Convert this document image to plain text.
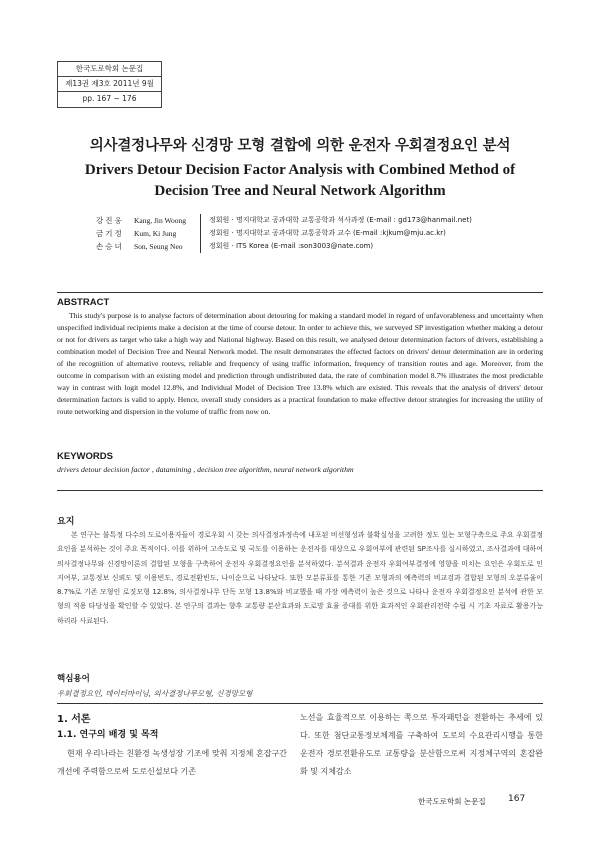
한국도로학회 논문집
제13권 제3호 2011년 9월
pp. 167 ~ 176
의사결정나무와 신경망 모형 결합에 의한 운전자 우회결정요인 분석
Drivers Detour Decision Factor Analysis with Combined Method of
Decision Tree and Neural Network Algorithm
강진웅	Kang, Jin Woong	정회원 · 명지대학교 공과대학 교통공학과 석사과정 (E-mail : gd173@hanmail.net)
금기정	Kum, Ki Jung	정회원 · 명지대학교 공과대학 교통공학과 교수 (E-mail :kjkum@mju.ac.kr)
손승녀	Son, Seung Neo	정회원 · ITS Korea (E-mail :son3003@nate.com)
ABSTRACT
This study's purpose is to analyse factors of determination about detouring for making a standard model in regard of unfavorableness and uncertainty when unspecified individual recipients make a decision at the time of course detour. In order to achieve this, we surveyed SP investigation whether making a detour or not for drivers as target who take a high way and National highway. Based on this result, we analysed detour determination factors of drivers, establishing a combination model of Decision Tree and Neural Network model. The result demonstrates the effected factors on drivers' detour determination are in ordering of the recognition of alternative routevs, reliable and frequency of using traffic information, frequency of transition routes and age. Moreover, from the outcome in comparison with an existing model and prediction through undistributed data, the rate of combination model 8.7% illustrates the most predictable way in contrast with logit model 12.8%, and Individual Model of Decision Tree 13.8% which are existed. This reveals that the analysis of drivers' detour determination factors is valid to apply. Hence, overall study considers as a practical foundation to make effective detour strategies for increasing the utility of route networking and dispersion in the volume of traffic from now on.
KEYWORDS
drivers detour decision factor , datamining , decision tree algorithm, neural network algorithm
요지
본 연구는 불특정 다수의 도로이용자들이 경로우회 시 갖는 의사결정과정속에 내포된 비선형성과 불확실성을 고려한 정도 있는 모형구축으로 주요 우회결정요인을 분석하는 것이 주요 목적이다. 이를 위하여 고속도로 및 국도를 이용하는 운전자를 대상으로 우회여부에 관련된 SP조사를 실시하였고, 조사결과에 대하여 의사결정나무와 신경망이론의 결합된 모형을 구축하여 운전자 우회결정요인을 분석하였다. 분석결과 운전자 우회여부결정에 영향을 미치는 요인은 우회도로 인지여부, 교통정보 신뢰도 및 이용빈도, 경로전환빈도, 나이순으로 나타났다. 또한 모분류표를 통한 기존 모형과의 예측력의 비교검과 결합된 모형의 오분류율이 8.7%로 기존 모형인 로짓모형 12.8%, 의사결정나무 단독 모형 13.8%와 비교했을 때 가장 예측력이 높은 것으로 나타나 운전자 우회결정요인 분석에 관한 모형의 적용 타당성을 확인할 수 있었다. 본 연구의 결과는 향후 교통량 분산효과와 도로망 효율 증대를 위한 효과적인 우회관리전략 수립 시 기초 자료로 활용가능하리라 사료된다.
핵심용어
우회결정요인, 데이터마이닝, 의사결정나무모형, 신경망모형
1. 서론
1.1. 연구의 배경 및 목적
현재 우리나라는 친환경 녹생성장 기조에 맞춰 지정체 혼잡구간 개선에 주력함으로써 도로신설보다 기존
노선을 효율적으로 이용하는 쪽으로 투자패턴을 전환하는 추세에 있다. 또한 첨단교통정보체계를 구축하여 도로의 수요관리시행을 통한 운전자 경로전환유도로 교통량을 분산함으로써 지정체구역의 혼잡완화 및 지체감소
한국도로학회 논문집 167
